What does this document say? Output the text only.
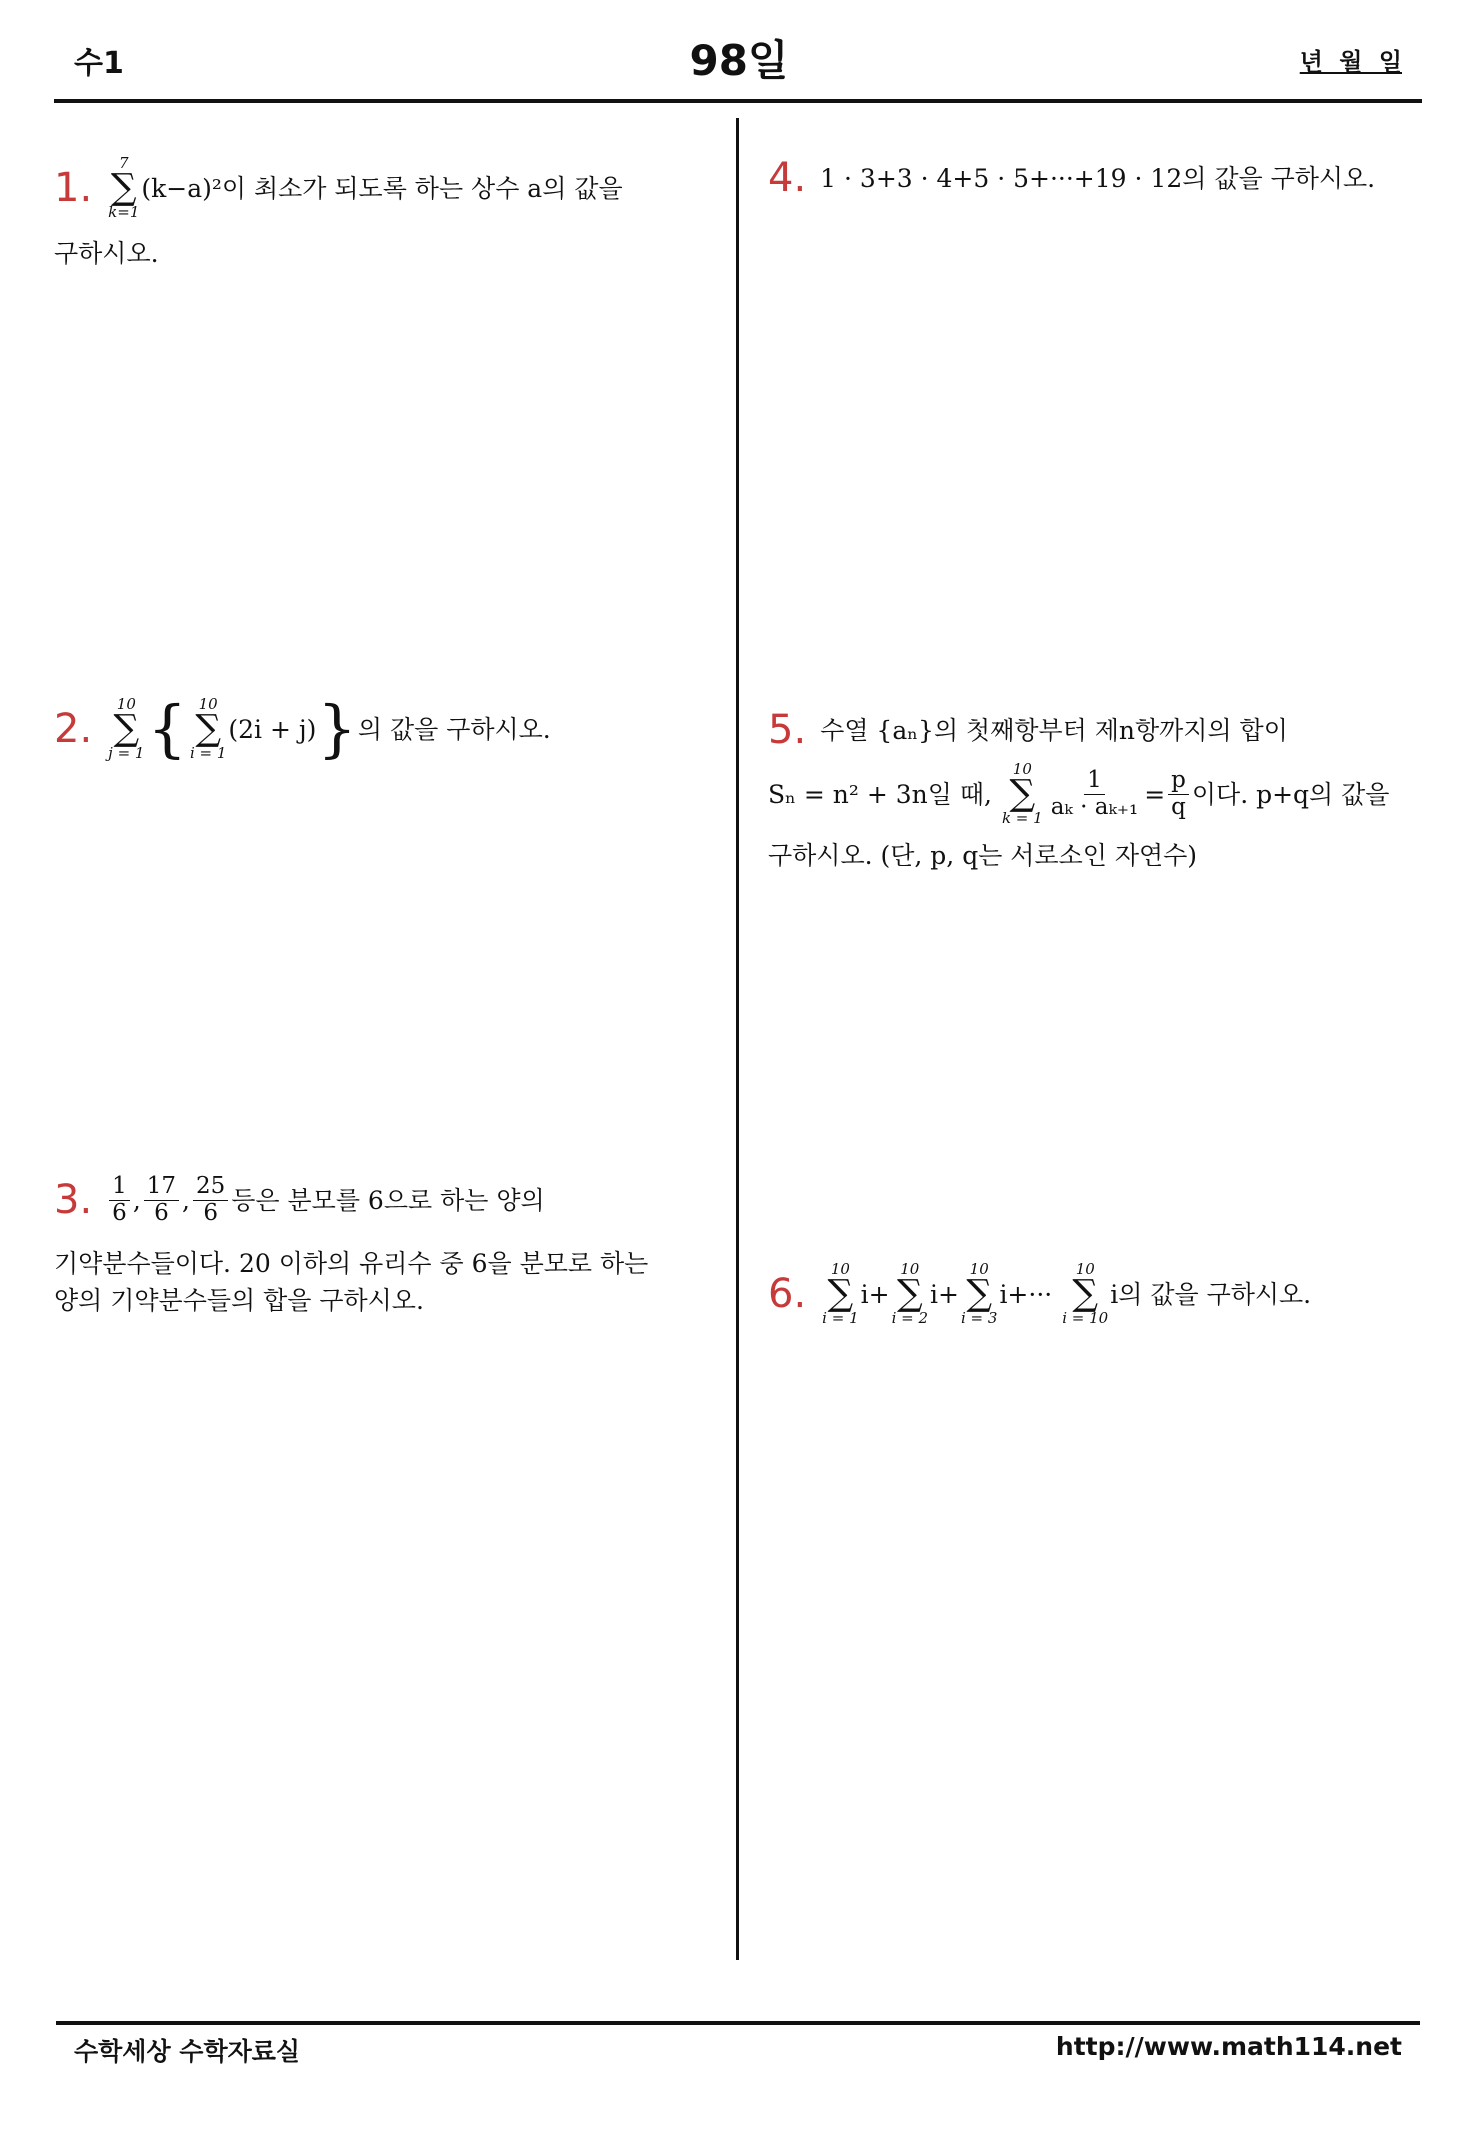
수1	98일	년 월 일
1.
7
∑
k=1
(k−a)² 이 최소가 되도록 하는 상수 a의 값을
구하시오.
2.
10
∑
j = 1 { 10
∑
i = 1
(2i + j) } 의 값을 구하시오.
3. $\frac{1}{6}$ , $\frac{17}{6}$ , $\frac{25}{6}$ 등은 분모를 6으로 하는 양의
기약분수들이다. 20 이하의 유리수 중 6을 분모로 하는
양의 기약분수들의 합을 구하시오.
4. 1 · 3+3 · 4+5 · 5+···+19 · 12의 값을 구하시오.
5. 수열 {aₙ}의 첫째항부터 제n항까지의 합이
Sₙ = n² + 3n일 때,
10
∑
$k = 1 \frac{1}{\text{aₖ · aₖ₊₁}} = \frac{p}{q}$ 이다. p+q의 값을
구하시오. (단, p, q는 서로소인 자연수)
6.
10
∑
i = 1
i+
10
∑
i = 2
i+
10
∑
i = 3
i+···
10
∑
i = 10
i 의 값을 구하시오.
수학세상 수학자료실	http://www.math114.net
